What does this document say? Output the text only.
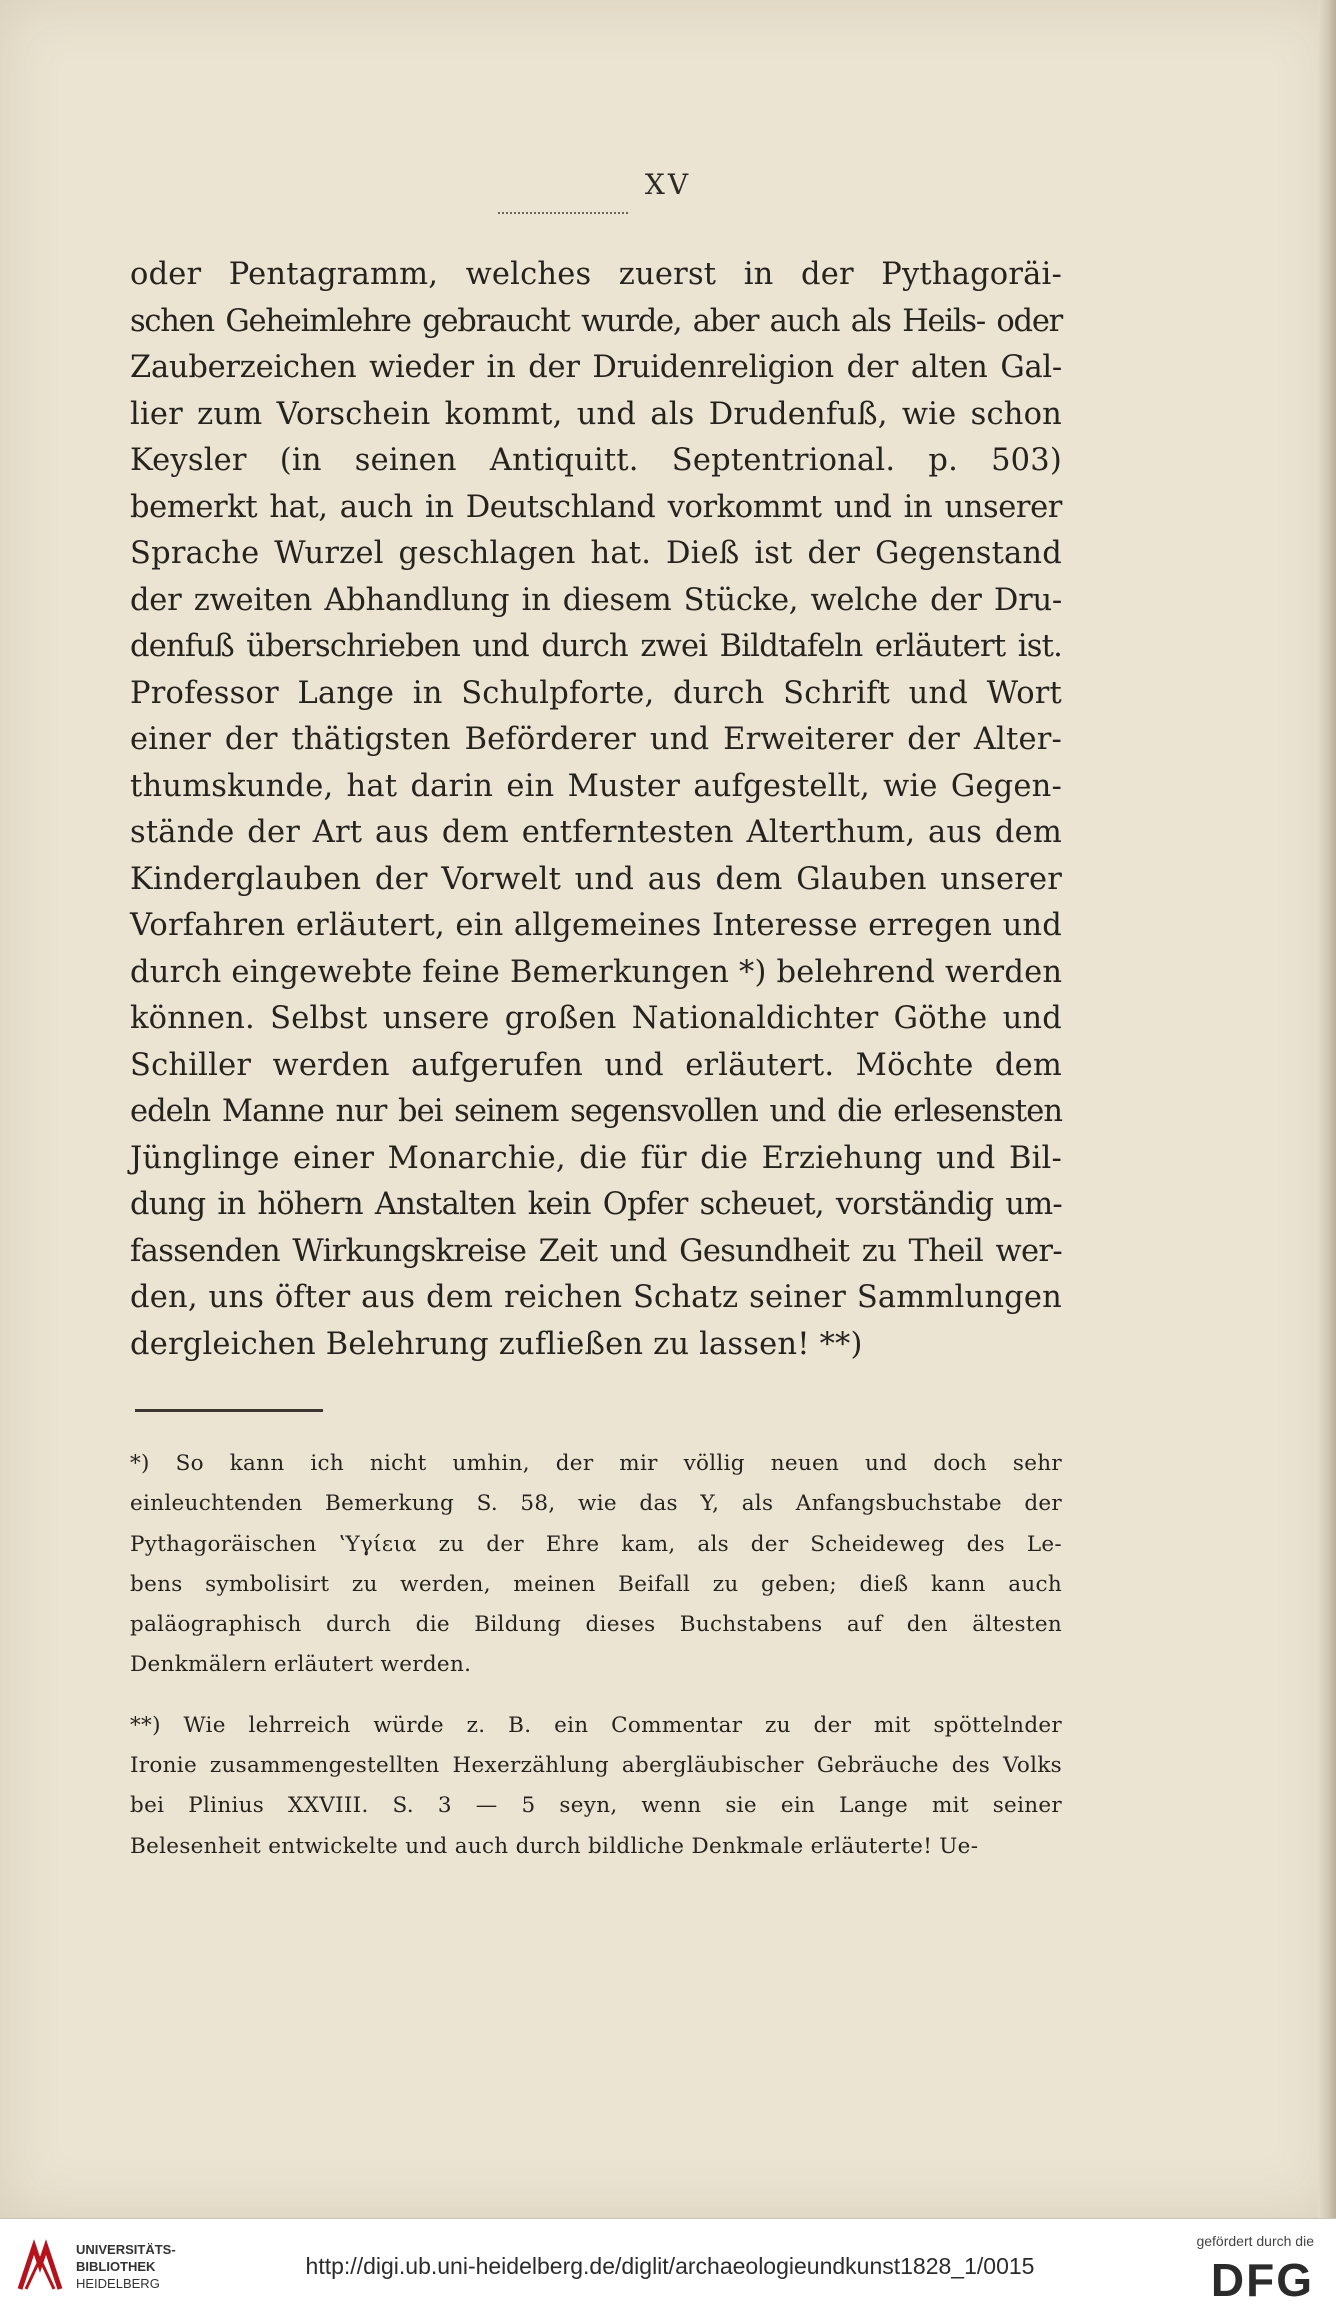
XV
oder Pentagramm, welches zuerst in der Pythagoräi-
schen Geheimlehre gebraucht wurde, aber auch als Heils- oder
Zauberzeichen wieder in der Druidenreligion der alten Gal-
lier zum Vorschein kommt, und als Drudenfuß, wie schon
Keysler (in seinen Antiquitt. Septentrional. p. 503)
bemerkt hat, auch in Deutschland vorkommt und in unserer
Sprache Wurzel geschlagen hat. Dieß ist der Gegenstand
der zweiten Abhandlung in diesem Stücke, welche der Dru-
denfuß überschrieben und durch zwei Bildtafeln erläutert ist.
Professor Lange in Schulpforte, durch Schrift und Wort
einer der thätigsten Beförderer und Erweiterer der Alter-
thumskunde, hat darin ein Muster aufgestellt, wie Gegen-
stände der Art aus dem entferntesten Alterthum, aus dem
Kinderglauben der Vorwelt und aus dem Glauben unserer
Vorfahren erläutert, ein allgemeines Interesse erregen und
durch eingewebte feine Bemerkungen *) belehrend werden
können. Selbst unsere großen Nationaldichter Göthe und
Schiller werden aufgerufen und erläutert. Möchte dem
edeln Manne nur bei seinem segensvollen und die erlesensten
Jünglinge einer Monarchie, die für die Erziehung und Bil-
dung in höhern Anstalten kein Opfer scheuet, vorständig um-
fassenden Wirkungskreise Zeit und Gesundheit zu Theil wer-
den, uns öfter aus dem reichen Schatz seiner Sammlungen
dergleichen Belehrung zufließen zu lassen! **)
*) So kann ich nicht umhin, der mir völlig neuen und doch sehr
einleuchtenden Bemerkung S. 58, wie das Y, als Anfangsbuchstabe der
Pythagoräischen ʽΥγίεια zu der Ehre kam, als der Scheideweg des Le-
bens symbolisirt zu werden, meinen Beifall zu geben; dieß kann auch
paläographisch durch die Bildung dieses Buchstabens auf den ältesten
Denkmälern erläutert werden.
**) Wie lehrreich würde z. B. ein Commentar zu der mit spöttelnder
Ironie zusammengestellten Hexerzählung abergläubischer Gebräuche des Volks
bei Plinius XXVIII. S. 3 — 5 seyn, wenn sie ein Lange mit seiner
Belesenheit entwickelte und auch durch bildliche Denkmale erläuterte! Ue-
UNIVERSITÄTS-
BIBLIOTHEK
HEIDELBERG
http://digi.ub.uni-heidelberg.de/diglit/archaeologieundkunst1828_1/0015
gefördert durch die
DFG
